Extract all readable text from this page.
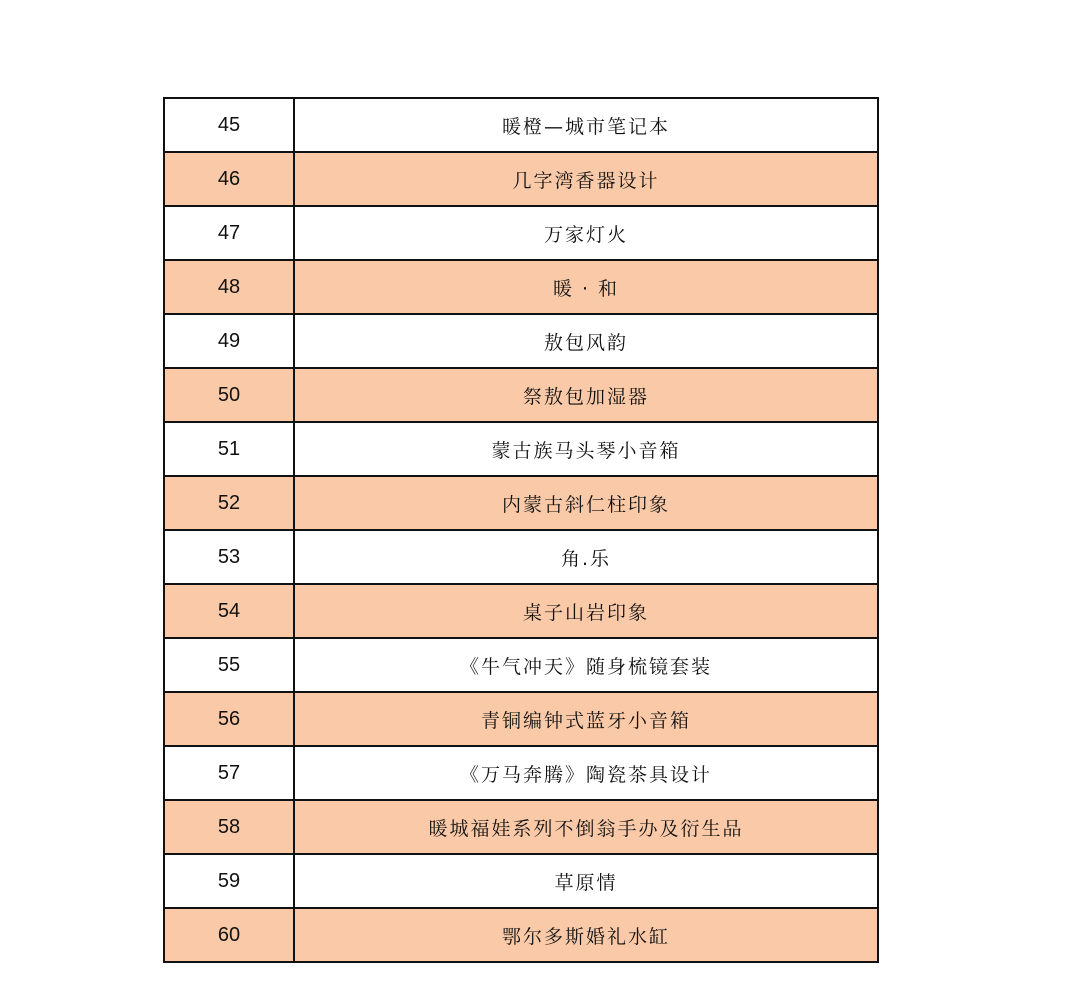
45	暖橙—城市笔记本
46	几字湾香器设计
47	万家灯火
48	暖 · 和
49	敖包风韵
50	祭敖包加湿器
51	蒙古族马头琴小音箱
52	内蒙古斜仁柱印象
53	角.乐
54	桌子山岩印象
55	《牛气冲天》随身梳镜套装
56	青铜编钟式蓝牙小音箱
57	《万马奔腾》陶瓷茶具设计
58	暖城福娃系列不倒翁手办及衍生品
59	草原情
60	鄂尔多斯婚礼水缸
